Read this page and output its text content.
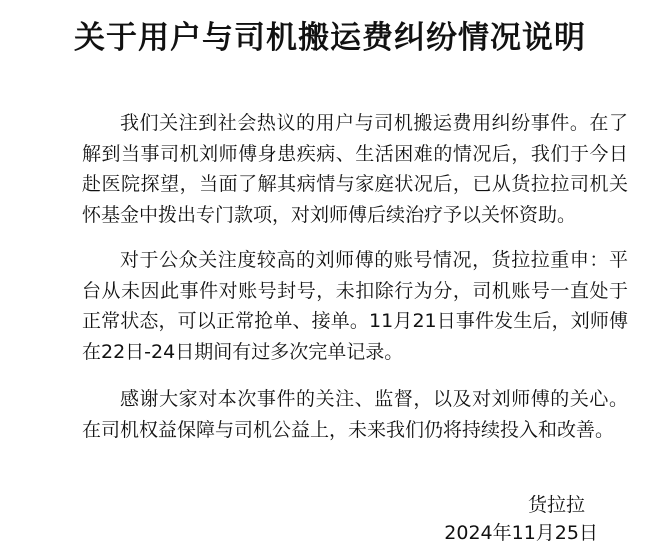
关于用户与司机搬运费纠纷情况说明

我们关注到社会热议的用户与司机搬运费用纠纷事件。在了解到当事司机刘师傅身患疾病、生活困难的情况后，我们于今日赴医院探望，当面了解其病情与家庭状况后，已从货拉拉司机关怀基金中拨出专门款项，对刘师傅后续治疗予以关怀资助。

对于公众关注度较高的刘师傅的账号情况，货拉拉重申：平台从未因此事件对账号封号，未扣除行为分，司机账号一直处于正常状态，可以正常抢单、接单。11月21日事件发生后，刘师傅在22日-24日期间有过多次完单记录。

感谢大家对本次事件的关注、监督，以及对刘师傅的关心。在司机权益保障与司机公益上，未来我们仍将持续投入和改善。

货拉拉
2024年11月25日
